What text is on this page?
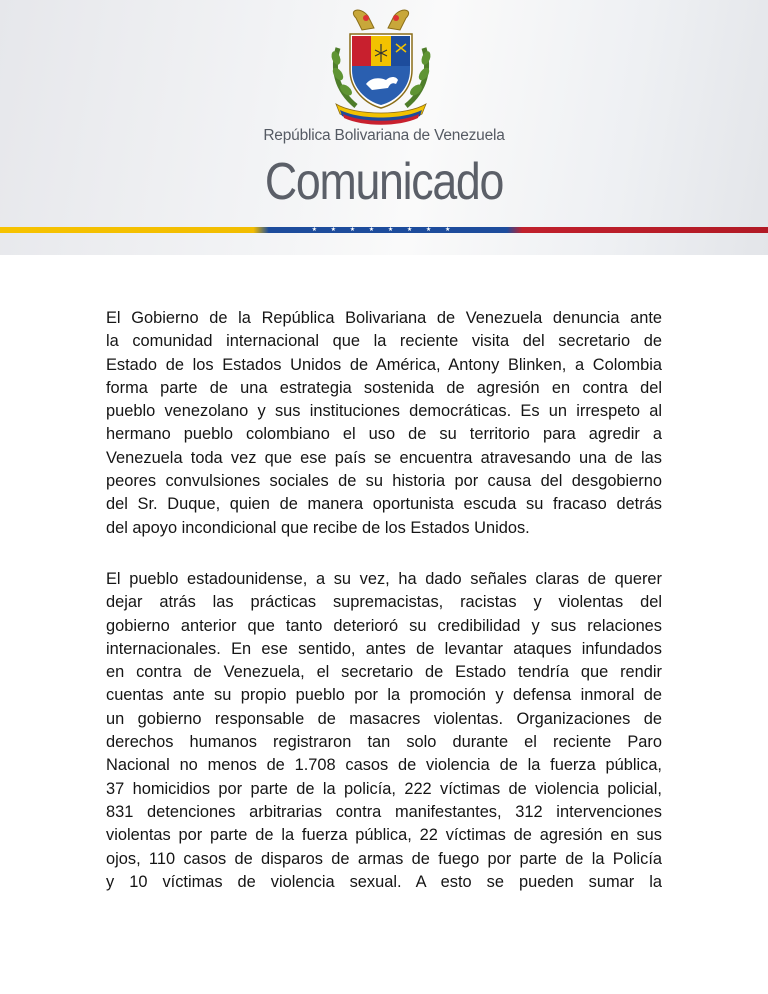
República Bolivariana de Venezuela
Comunicado
★ ★ ★ ★ ★ ★ ★ ★

El Gobierno de la República Bolivariana de Venezuela denuncia ante
la comunidad internacional que la reciente visita del secretario de
Estado de los Estados Unidos de América, Antony Blinken, a Colombia
forma parte de una estrategia sostenida de agresión en contra del
pueblo venezolano y sus instituciones democráticas. Es un irrespeto al
hermano pueblo colombiano el uso de su territorio para agredir a
Venezuela toda vez que ese país se encuentra atravesando una de las
peores convulsiones sociales de su historia por causa del desgobierno
del Sr. Duque, quien de manera oportunista escuda su fracaso detrás
del apoyo incondicional que recibe de los Estados Unidos.

El pueblo estadounidense, a su vez, ha dado señales claras de querer
dejar atrás las prácticas supremacistas, racistas y violentas del
gobierno anterior que tanto deterioró su credibilidad y sus relaciones
internacionales. En ese sentido, antes de levantar ataques infundados
en contra de Venezuela, el secretario de Estado tendría que rendir
cuentas ante su propio pueblo por la promoción y defensa inmoral de
un gobierno responsable de masacres violentas. Organizaciones de
derechos humanos registraron tan solo durante el reciente Paro
Nacional no menos de 1.708 casos de violencia de la fuerza pública,
37 homicidios por parte de la policía, 222 víctimas de violencia policial,
831 detenciones arbitrarias contra manifestantes, 312 intervenciones
violentas por parte de la fuerza pública, 22 víctimas de agresión en sus
ojos, 110 casos de disparos de armas de fuego por parte de la Policía
y 10 víctimas de violencia sexual. A esto se pueden sumar la
